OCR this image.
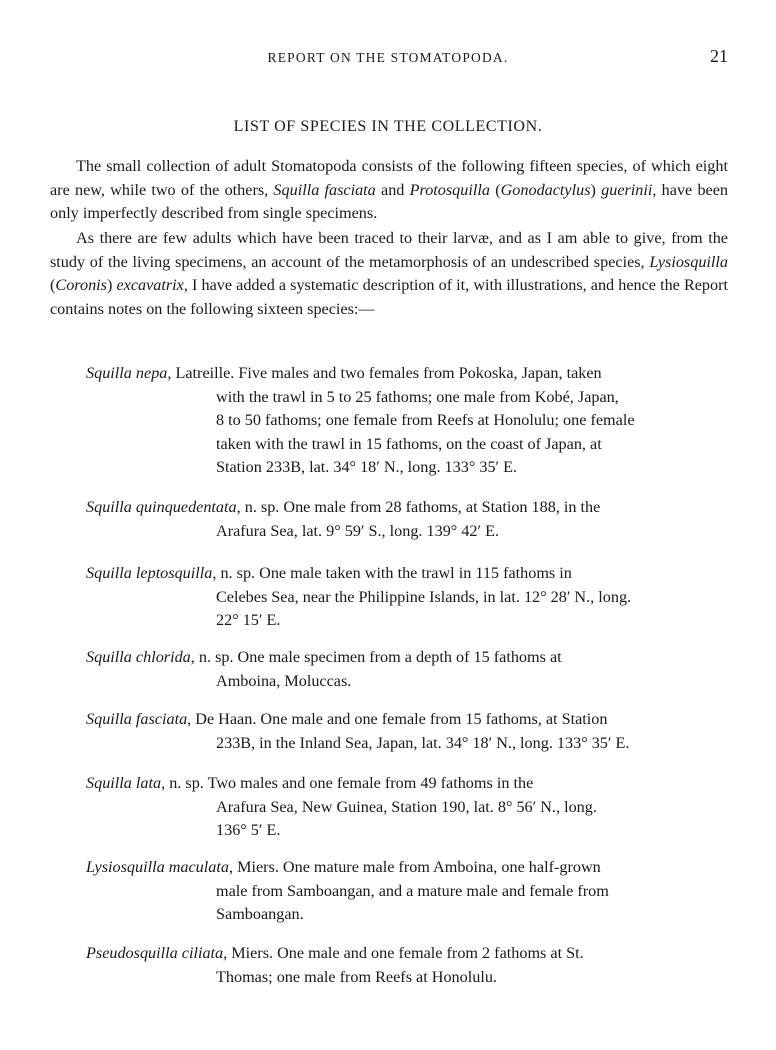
REPORT ON THE STOMATOPODA.	21
LIST OF SPECIES IN THE COLLECTION.

The small collection of adult Stomatopoda consists of the following fifteen species, of which eight are new, while two of the others, Squilla fasciata and Protosquilla (Gonodactylus) guerinii, have been only imperfectly described from single specimens.

As there are few adults which have been traced to their larvæ, and as I am able to give, from the study of the living specimens, an account of the metamorphosis of an undescribed species, Lysiosquilla (Coronis) excavatrix, I have added a systematic description of it, with illustrations, and hence the Report contains notes on the following sixteen species:—

Squilla nepa, Latreille. Five males and two females from Pokoska, Japan, taken
with the trawl in 5 to 25 fathoms; one male from Kobé, Japan,
8 to 50 fathoms; one female from Reefs at Honolulu; one female
taken with the trawl in 15 fathoms, on the coast of Japan, at
Station 233B, lat. 34° 18′ N., long. 133° 35′ E.
Squilla quinquedentata, n. sp. One male from 28 fathoms, at Station 188, in the
Arafura Sea, lat. 9° 59′ S., long. 139° 42′ E.
Squilla leptosquilla, n. sp. One male taken with the trawl in 115 fathoms in
Celebes Sea, near the Philippine Islands, in lat. 12° 28′ N., long.
22° 15′ E.
Squilla chlorida, n. sp. One male specimen from a depth of 15 fathoms at
Amboina, Moluccas.
Squilla fasciata, De Haan. One male and one female from 15 fathoms, at Station
233B, in the Inland Sea, Japan, lat. 34° 18′ N., long. 133° 35′ E.
Squilla lata, n. sp. Two males and one female from 49 fathoms in the
Arafura Sea, New Guinea, Station 190, lat. 8° 56′ N., long.
136° 5′ E.
Lysiosquilla maculata, Miers. One mature male from Amboina, one half-grown
male from Samboangan, and a mature male and female from
Samboangan.
Pseudosquilla ciliata, Miers. One male and one female from 2 fathoms at St.
Thomas; one male from Reefs at Honolulu.
